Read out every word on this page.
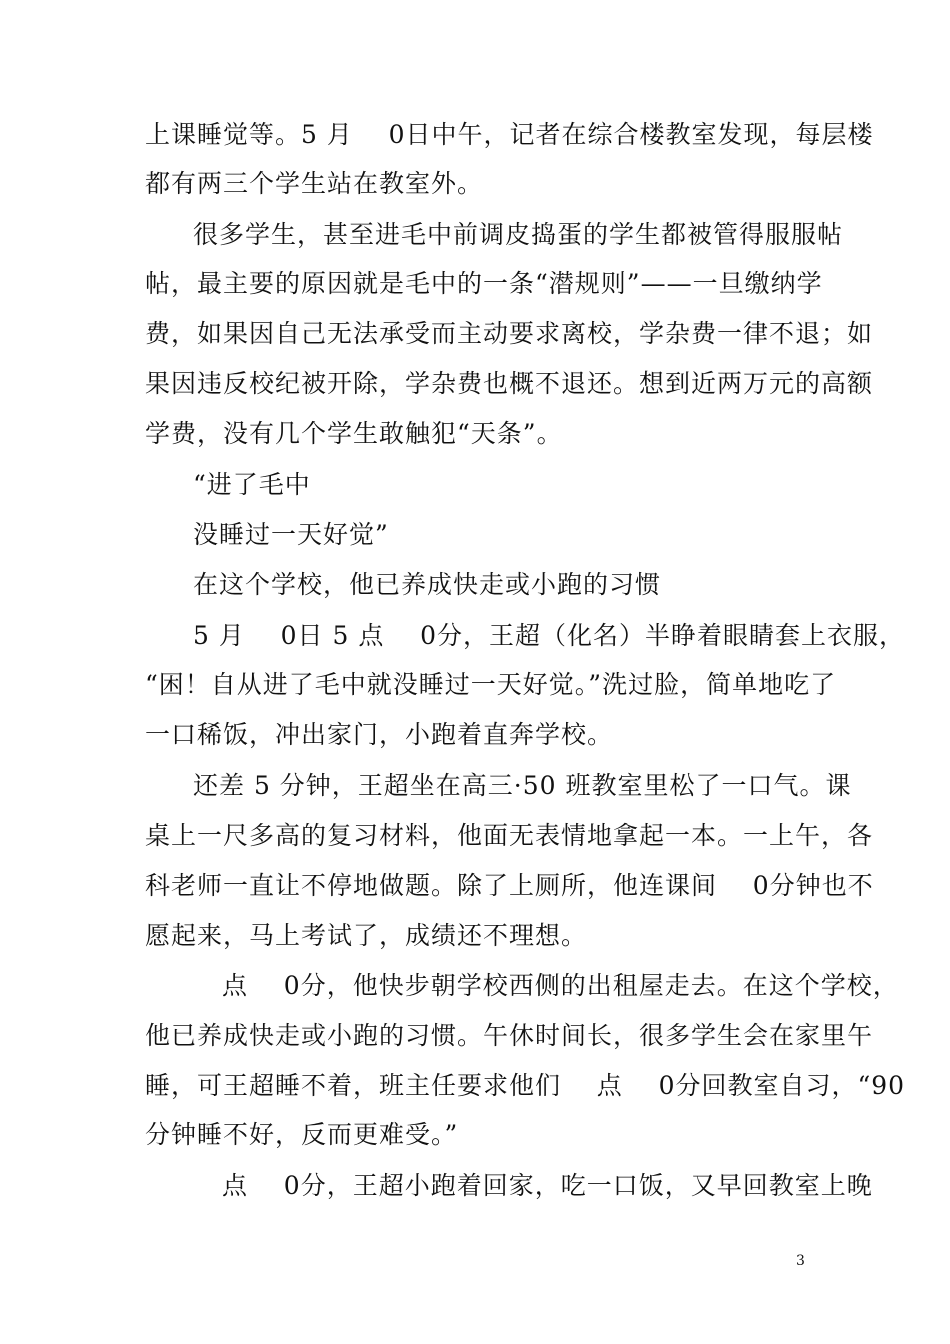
上课睡觉等。5 月    0日中午，记者在综合楼教室发现，每层楼
都有两三个学生站在教室外。
很多学生，甚至进毛中前调皮捣蛋的学生都被管得服服帖
帖，最主要的原因就是毛中的一条“潜规则”——一旦缴纳学
费，如果因自己无法承受而主动要求离校，学杂费一律不退；如
果因违反校纪被开除，学杂费也概不退还。想到近两万元的高额
学费，没有几个学生敢触犯“天条”。
“进了毛中
没睡过一天好觉”
在这个学校，他已养成快走或小跑的习惯
5 月    0日 5 点    0分，王超（化名）半睁着眼睛套上衣服，
“困！自从进了毛中就没睡过一天好觉。”洗过脸，简单地吃了
一口稀饭，冲出家门，小跑着直奔学校。
还差 5 分钟，王超坐在高三·50 班教室里松了一口气。课
桌上一尺多高的复习材料，他面无表情地拿起一本。一上午，各
科老师一直让不停地做题。除了上厕所，他连课间    0分钟也不
愿起来，马上考试了，成绩还不理想。
点    0分，他快步朝学校西侧的出租屋走去。在这个学校，
他已养成快走或小跑的习惯。午休时间长，很多学生会在家里午
睡，可王超睡不着，班主任要求他们    点    0分回教室自习，“90
分钟睡不好，反而更难受。”
点    0分，王超小跑着回家，吃一口饭，又早回教室上晚
3
